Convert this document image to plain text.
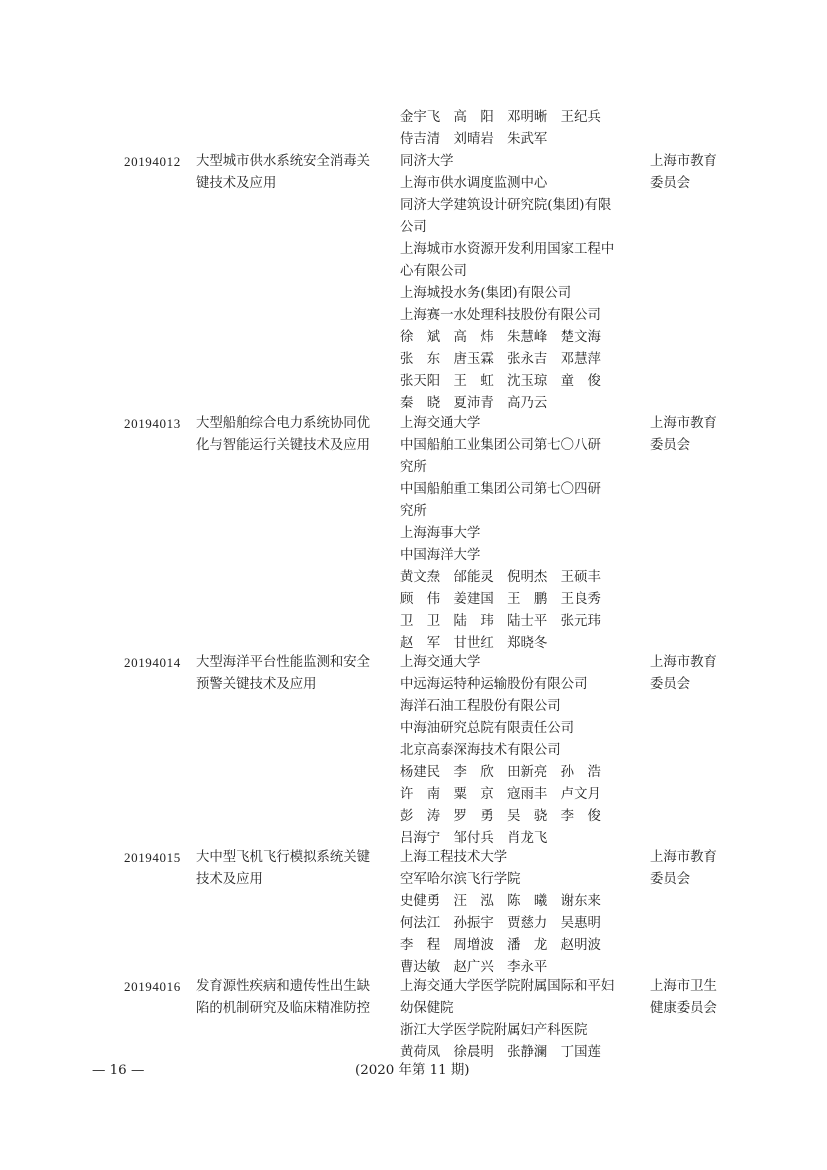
金宇飞　高　阳　邓明晰　王纪兵
侍吉清　刘晴岩　朱武军
20194012 大型城市供水系统安全消毒关
键技术及应用
同济大学
上海市供水调度监测中心
同济大学建筑设计研究院(集团)有限
公司
上海城市水资源开发利用国家工程中
心有限公司
上海城投水务(集团)有限公司
上海赛一水处理科技股份有限公司
徐　斌　高　炜　朱慧峰　楚文海
张　东　唐玉霖　张永吉　邓慧萍
张天阳　王　虹　沈玉琼　童　俊
秦　晓　夏沛青　高乃云
上海市教育
委员会
20194013 大型船舶综合电力系统协同优
化与智能运行关键技术及应用
上海交通大学
中国船舶工业集团公司第七〇八研
究所
中国船舶重工集团公司第七〇四研
究所
上海海事大学
中国海洋大学
黄文焘　邰能灵　倪明杰　王硕丰
顾　伟　姜建国　王　鹏　王良秀
卫　卫　陆　玮　陆士平　张元玮
赵　军　甘世红　郑晓冬
上海市教育
委员会
20194014 大型海洋平台性能监测和安全
预警关键技术及应用
上海交通大学
中远海运特种运输股份有限公司
海洋石油工程股份有限公司
中海油研究总院有限责任公司
北京高泰深海技术有限公司
杨建民　李　欣　田新亮　孙　浩
许　南　粟　京　寇雨丰　卢文月
彭　涛　罗　勇　吴　骁　李　俊
吕海宁　邹付兵　肖龙飞
上海市教育
委员会
20194015 大中型飞机飞行模拟系统关键
技术及应用
上海工程技术大学
空军哈尔滨飞行学院
史健勇　汪　泓　陈　曦　谢东来
何法江　孙振宇　贾慈力　吴惠明
李　程　周增波　潘　龙　赵明波
曹达敏　赵广兴　李永平
上海市教育
委员会
20194016 发育源性疾病和遗传性出生缺
陷的机制研究及临床精准防控
上海交通大学医学院附属国际和平妇
幼保健院
浙江大学医学院附属妇产科医院
黄荷凤　徐晨明　张静澜　丁国莲
上海市卫生
健康委员会
— 16 —	(2020 年第 11 期)
